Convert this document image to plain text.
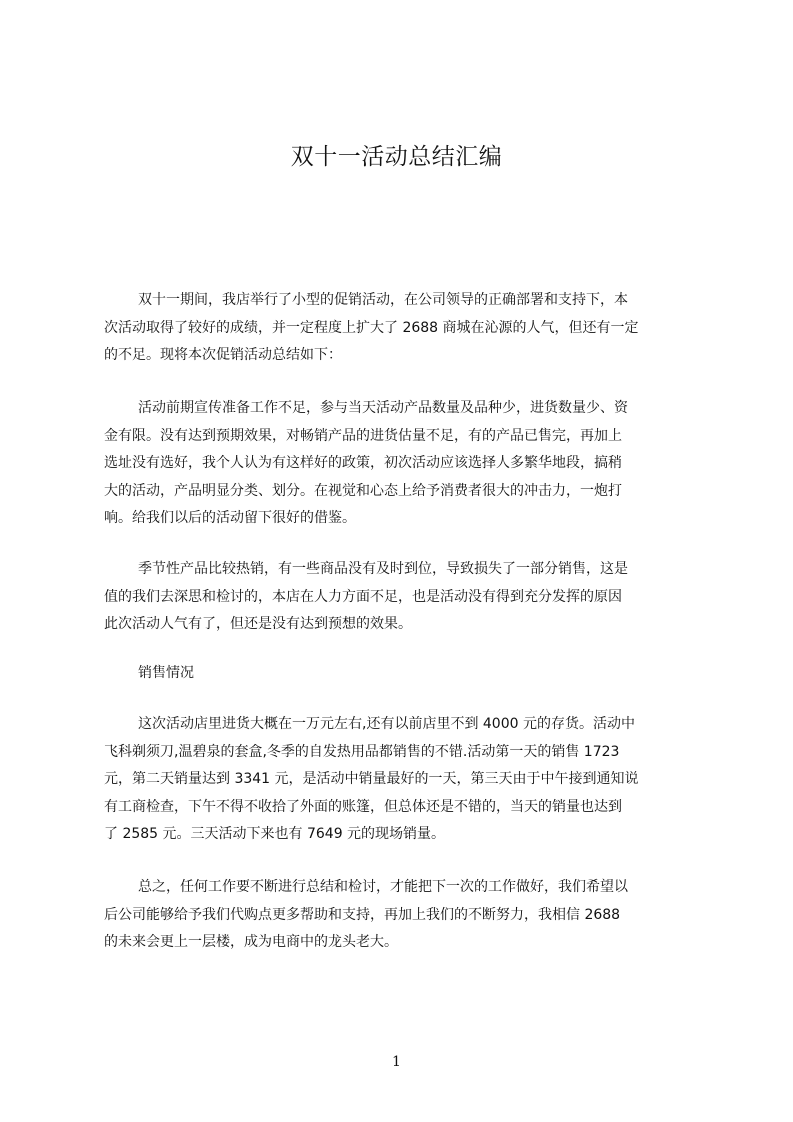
双十一活动总结汇编
双十一期间，我店举行了小型的促销活动，在公司领导的正确部署和支持下，本
次活动取得了较好的成绩，并一定程度上扩大了 2688 商城在沁源的人气，但还有一定
的不足。现将本次促销活动总结如下：
活动前期宣传准备工作不足，参与当天活动产品数量及品种少，进货数量少、资
金有限。没有达到预期效果，对畅销产品的进货估量不足，有的产品已售完，再加上
选址没有选好，我个人认为有这样好的政策，初次活动应该选择人多繁华地段，搞稍
大的活动，产品明显分类、划分。在视觉和心态上给予消费者很大的冲击力，一炮打
响。给我们以后的活动留下很好的借鉴。
季节性产品比较热销，有一些商品没有及时到位，导致损失了一部分销售，这是
值的我们去深思和检讨的，本店在人力方面不足，也是活动没有得到充分发挥的原因
此次活动人气有了，但还是没有达到预想的效果。
销售情况
这次活动店里进货大概在一万元左右,还有以前店里不到 4000 元的存货。活动中
飞科剃须刀,温碧泉的套盒,冬季的自发热用品都销售的不错.活动第一天的销售 1723
元，第二天销量达到 3341 元，是活动中销量最好的一天，第三天由于中午接到通知说
有工商检查，下午不得不收拾了外面的账篷，但总体还是不错的，当天的销量也达到
了 2585 元。三天活动下来也有 7649 元的现场销量。
总之，任何工作要不断进行总结和检讨，才能把下一次的工作做好，我们希望以
后公司能够给予我们代购点更多帮助和支持，再加上我们的不断努力，我相信 2688
的未来会更上一层楼，成为电商中的龙头老大。
1
